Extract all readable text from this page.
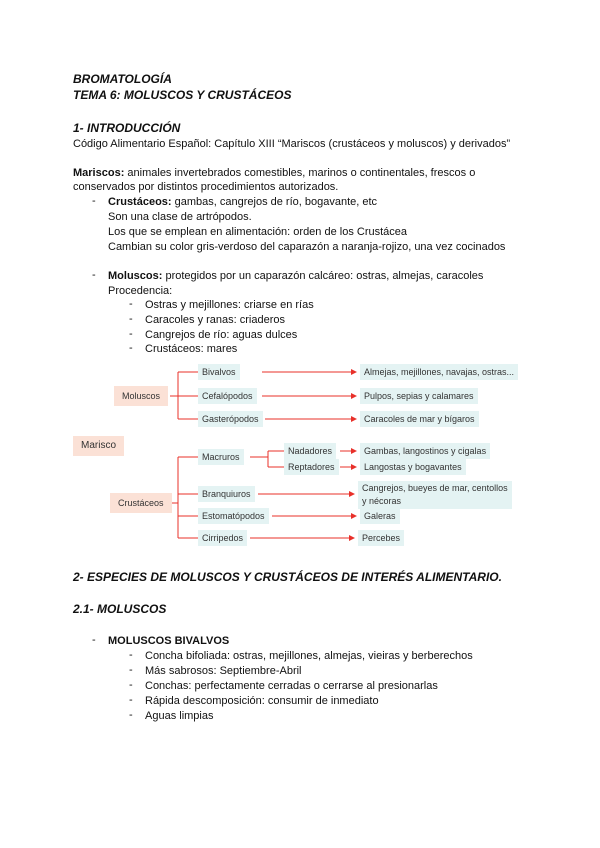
BROMATOLOGÍA
TEMA 6: MOLUSCOS Y CRUSTÁCEOS
1- INTRODUCCIÓN
Código Alimentario Español: Capítulo XIII “Mariscos (crustáceos y moluscos) y derivados”
Mariscos: animales invertebrados comestibles, marinos o continentales, frescos o
conservados por distintos procedimientos autorizados.
- Crustáceos: gambas, cangrejos de río, bogavante, etc
Son una clase de artrópodos.
Los que se emplean en alimentación: orden de los Crustácea
Cambian su color gris-verdoso del caparazón a naranja-rojizo, una vez cocinados
- Moluscos: protegidos por un caparazón calcáreo: ostras, almejas, caracoles
Procedencia:
- Ostras y mejillones: criarse en rías
- Caracoles y ranas: criaderos
- Cangrejos de río: aguas dulces
- Crustáceos: mares
Marisco
Moluscos
Bivalvos
Cefalópodos
Gasterópodos
Almejas, mejillones, navajas, ostras...
Pulpos, sepias y calamares
Caracoles de mar y bígaros
Crustáceos
Macruros
Nadadores
Reptadores
Gambas, langostinos y cigalas
Langostas y bogavantes
Branquiuros
Cangrejos, bueyes de mar, centollos
y nécoras
Estomatópodos	Galeras
Cirripedos	Percebes
2- ESPECIES DE MOLUSCOS Y CRUSTÁCEOS DE INTERÉS ALIMENTARIO.
2.1- MOLUSCOS
- MOLUSCOS BIVALVOS
- Concha bifoliada: ostras, mejillones, almejas, vieiras y berberechos
- Más sabrosos: Septiembre-Abril
- Conchas: perfectamente cerradas o cerrarse al presionarlas
- Rápida descomposición: consumir de inmediato
- Aguas limpias
